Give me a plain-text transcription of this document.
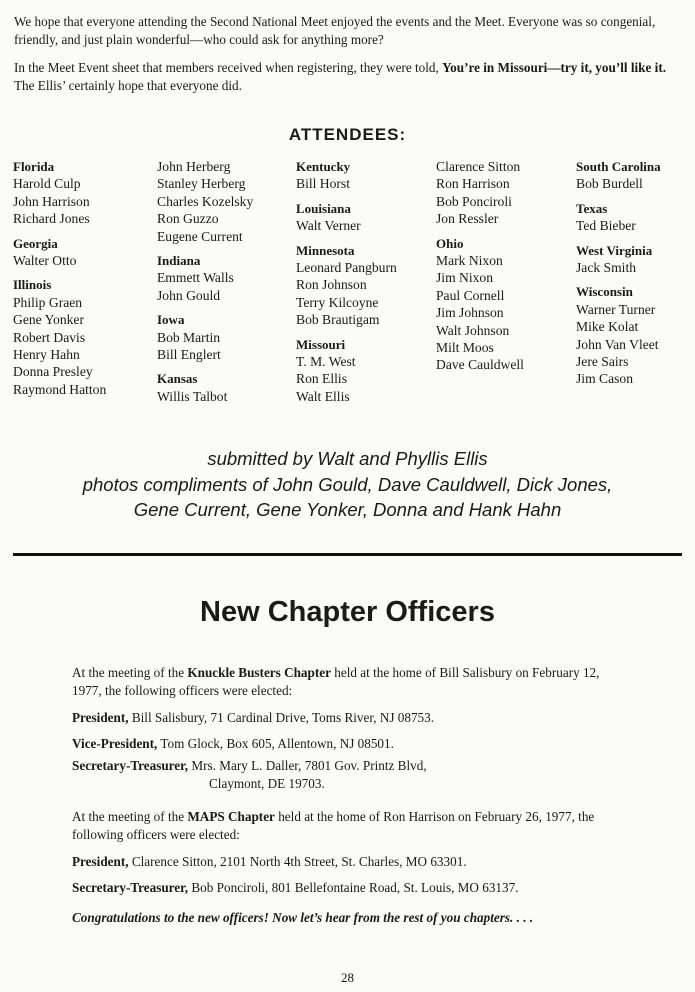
We hope that everyone attending the Second National Meet enjoyed the events and the Meet. Everyone was so congenial, friendly, and just plain wonderful—who could ask for anything more?
In the Meet Event sheet that members received when registering, they were told, You’re in Missouri—try it, you’ll like it. The Ellis’ certainly hope that everyone did.
ATTENDEES:
Florida
Harold Culp
John Harrison
Richard Jones
Georgia
Walter Otto
Illinois
Philip Graen
Gene Yonker
Robert Davis
Henry Hahn
Donna Presley
Raymond Hatton
John Herberg
Stanley Herberg
Charles Kozelsky
Ron Guzzo
Eugene Current
Indiana
Emmett Walls
John Gould
Iowa
Bob Martin
Bill Englert
Kansas
Willis Talbot
Kentucky
Bill Horst
Louisiana
Walt Verner
Minnesota
Leonard Pangburn
Ron Johnson
Terry Kilcoyne
Bob Brautigam
Missouri
T. M. West
Ron Ellis
Walt Ellis
Clarence Sitton
Ron Harrison
Bob Ponciroli
Jon Ressler
Ohio
Mark Nixon
Jim Nixon
Paul Cornell
Jim Johnson
Walt Johnson
Milt Moos
Dave Cauldwell
South Carolina
Bob Burdell
Texas
Ted Bieber
West Virginia
Jack Smith
Wisconsin
Warner Turner
Mike Kolat
John Van Vleet
Jere Sairs
Jim Cason
submitted by Walt and Phyllis Ellis
photos compliments of John Gould, Dave Cauldwell, Dick Jones,
Gene Current, Gene Yonker, Donna and Hank Hahn
New Chapter Officers
At the meeting of the Knuckle Busters Chapter held at the home of Bill Salisbury on February 12, 1977, the following officers were elected:
President, Bill Salisbury, 71 Cardinal Drive, Toms River, NJ 08753.
Vice-President, Tom Glock, Box 605, Allentown, NJ 08501.
Secretary-Treasurer, Mrs. Mary L. Daller, 7801 Gov. Printz Blvd,
Claymont, DE 19703.
At the meeting of the MAPS Chapter held at the home of Ron Harrison on February 26, 1977, the following officers were elected:
President, Clarence Sitton, 2101 North 4th Street, St. Charles, MO 63301.
Secretary-Treasurer, Bob Ponciroli, 801 Bellefontaine Road, St. Louis, MO 63137.
Congratulations to the new officers! Now let’s hear from the rest of you chapters. . . .
28
